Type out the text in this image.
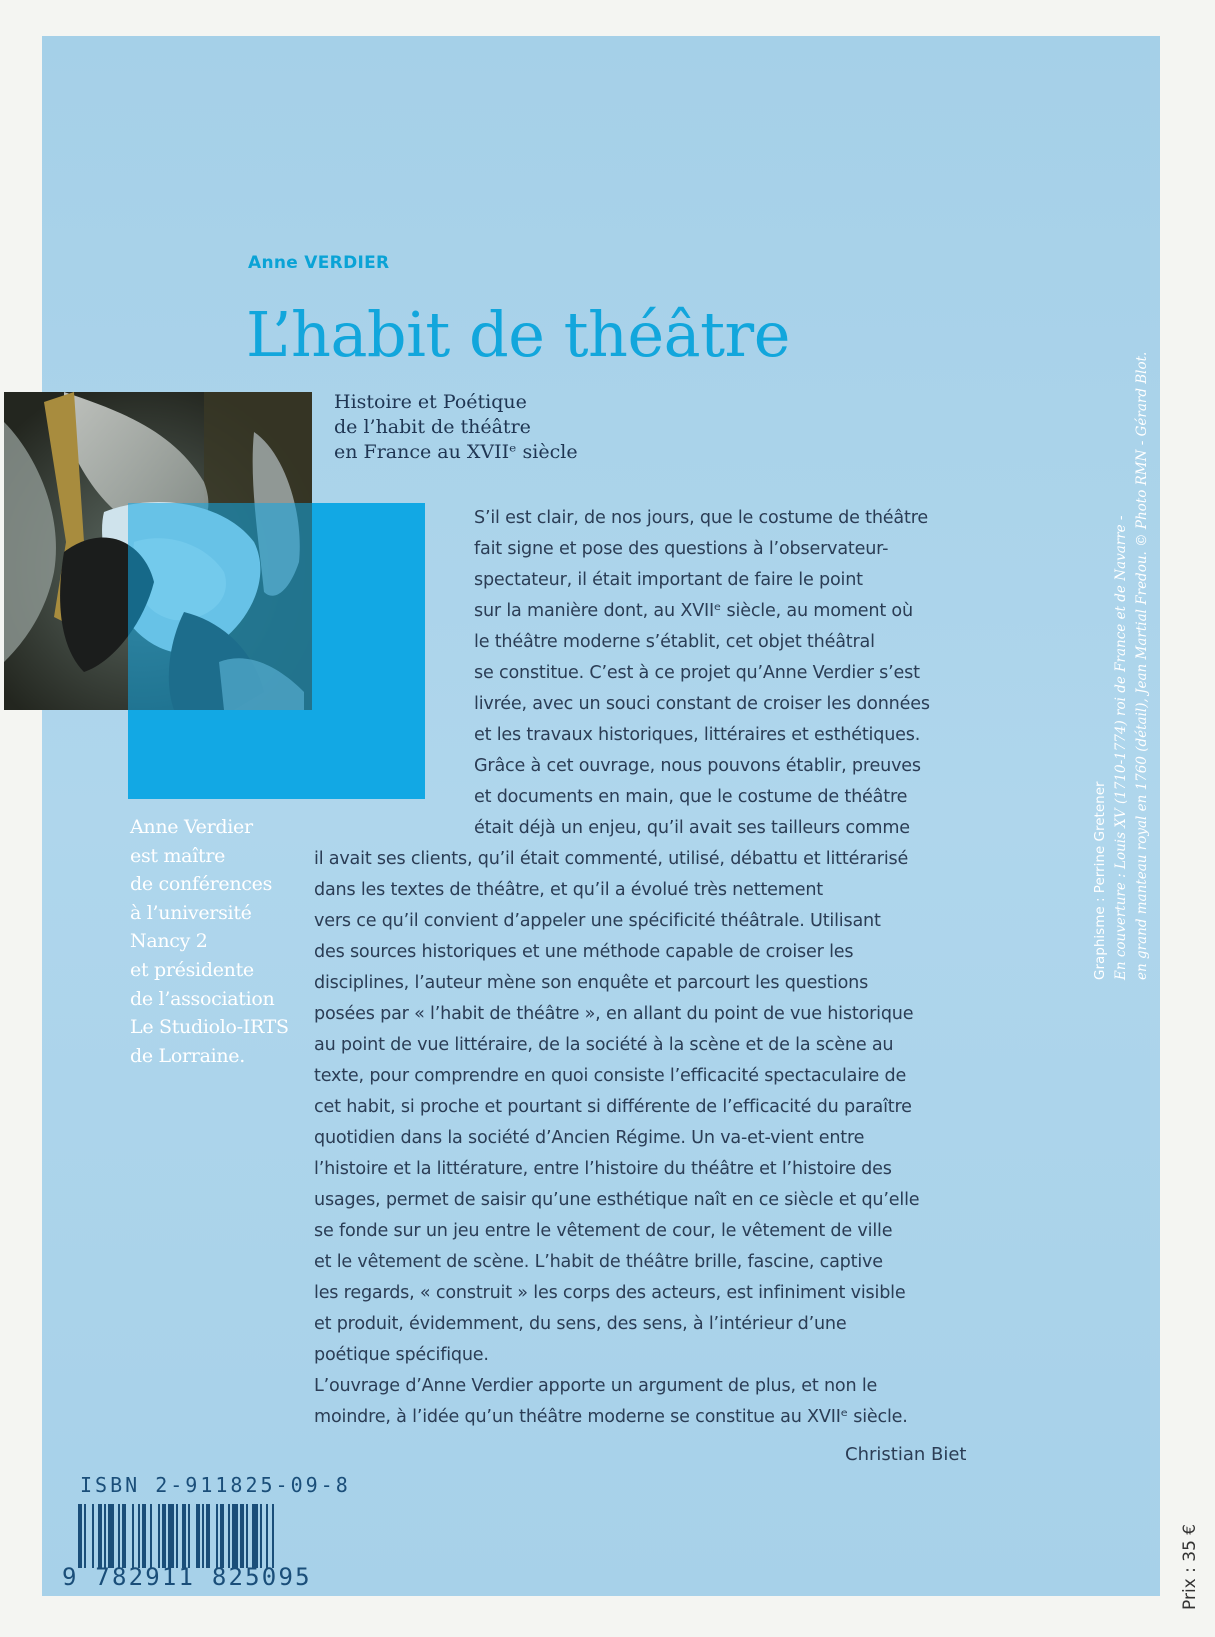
Anne VERDIER
L’habit de théâtre
Histoire et Poétique
de l’habit de théâtre
en France au XVIIᵉ siècle
Anne Verdier
est maître
de conférences
à l’université
Nancy 2
et présidente
de l’association
Le Studiolo-IRTS
de Lorraine.
S’il est clair, de nos jours, que le costume de théâtre
fait signe et pose des questions à l’observateur-
spectateur, il était important de faire le point
sur la manière dont, au XVIIᵉ siècle, au moment où
le théâtre moderne s’établit, cet objet théâtral
se constitue. C’est à ce projet qu’Anne Verdier s’est
livrée, avec un souci constant de croiser les données
et les travaux historiques, littéraires et esthétiques.
Grâce à cet ouvrage, nous pouvons établir, preuves
et documents en main, que le costume de théâtre
était déjà un enjeu, qu’il avait ses tailleurs comme
il avait ses clients, qu’il était commenté, utilisé, débattu et littérarisé
dans les textes de théâtre, et qu’il a évolué très nettement
vers ce qu’il convient d’appeler une spécificité théâtrale. Utilisant
des sources historiques et une méthode capable de croiser les
disciplines, l’auteur mène son enquête et parcourt les questions
posées par « l’habit de théâtre », en allant du point de vue historique
au point de vue littéraire, de la société à la scène et de la scène au
texte, pour comprendre en quoi consiste l’efficacité spectaculaire de
cet habit, si proche et pourtant si différente de l’efficacité du paraître
quotidien dans la société d’Ancien Régime. Un va-et-vient entre
l’histoire et la littérature, entre l’histoire du théâtre et l’histoire des
usages, permet de saisir qu’une esthétique naît en ce siècle et qu’elle
se fonde sur un jeu entre le vêtement de cour, le vêtement de ville
et le vêtement de scène. L’habit de théâtre brille, fascine, captive
les regards, « construit » les corps des acteurs, est infiniment visible
et produit, évidemment, du sens, des sens, à l’intérieur d’une
poétique spécifique.
L’ouvrage d’Anne Verdier apporte un argument de plus, et non le
moindre, à l’idée qu’un théâtre moderne se constitue au XVIIᵉ siècle.
Christian Biet
Graphisme : Perrine Gretener En couverture : Louis XV (1710-1774) roi de France et de Navarre - en grand manteau royal en 1760 (détail), Jean Martial Fredou. © Photo RMN - Gérard Blot.
Prix : 35 €
ISBN 2-911825-09-8
9 782911 825095
